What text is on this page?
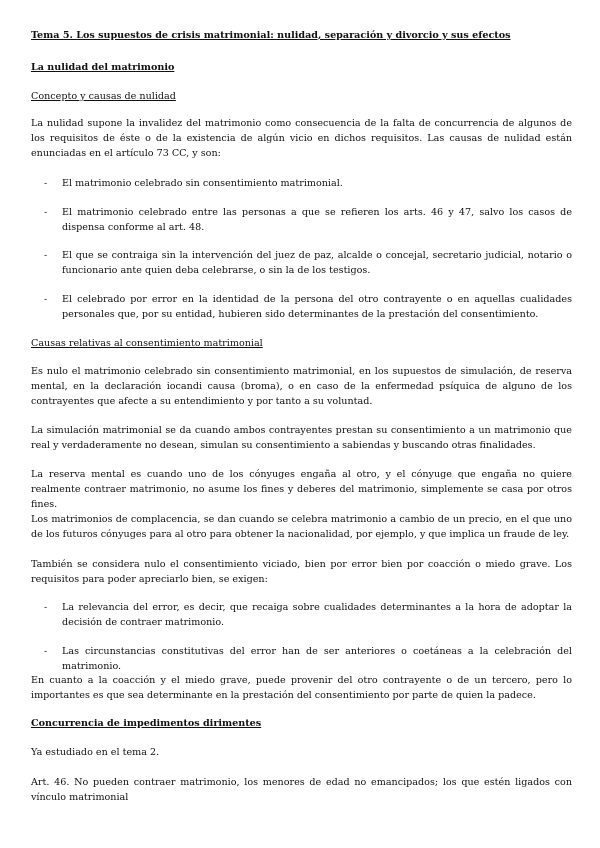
Tema 5. Los supuestos de crisis matrimonial: nulidad, separación y divorcio y sus efectos

La nulidad del matrimonio

Concepto y causas de nulidad

La nulidad supone la invalidez del matrimonio como consecuencia de la falta de concurrencia de algunos de los requisitos de éste o de la existencia de algún vicio en dichos requisitos. Las causas de nulidad están enunciadas en el artículo 73 CC, y son:

- El matrimonio celebrado sin consentimiento matrimonial.

- El matrimonio celebrado entre las personas a que se refieren los arts. 46 y 47, salvo los casos de dispensa conforme al art. 48.

- El que se contraiga sin la intervención del juez de paz, alcalde o concejal, secretario judicial, notario o funcionario ante quien deba celebrarse, o sin la de los testigos.

- El celebrado por error en la identidad de la persona del otro contrayente o en aquellas cualidades personales que, por su entidad, hubieren sido determinantes de la prestación del consentimiento.

Causas relativas al consentimiento matrimonial

Es nulo el matrimonio celebrado sin consentimiento matrimonial, en los supuestos de simulación, de reserva mental, en la declaración iocandi causa (broma), o en caso de la enfermedad psíquica de alguno de los contrayentes que afecte a su entendimiento y por tanto a su voluntad.

La simulación matrimonial se da cuando ambos contrayentes prestan su consentimiento a un matrimonio que real y verdaderamente no desean, simulan su consentimiento a sabiendas y buscando otras finalidades.

La reserva mental es cuando uno de los cónyuges engaña al otro, y el cónyuge que engaña no quiere realmente contraer matrimonio, no asume los fines y deberes del matrimonio, simplemente se casa por otros fines.

Los matrimonios de complacencia, se dan cuando se celebra matrimonio a cambio de un precio, en el que uno de los futuros cónyuges para al otro para obtener la nacionalidad, por ejemplo, y que implica un fraude de ley.

También se considera nulo el consentimiento viciado, bien por error bien por coacción o miedo grave. Los requisitos para poder apreciarlo bien, se exigen:

- La relevancia del error, es decir, que recaiga sobre cualidades determinantes a la hora de adoptar la decisión de contraer matrimonio.

- Las circunstancias constitutivas del error han de ser anteriores o coetáneas a la celebración del matrimonio.

En cuanto a la coacción y el miedo grave, puede provenir del otro contrayente o de un tercero, pero lo importantes es que sea determinante en la prestación del consentimiento por parte de quien la padece.

Concurrencia de impedimentos dirimentes

Ya estudiado en el tema 2.

Art. 46. No pueden contraer matrimonio, los menores de edad no emancipados; los que estén ligados con vínculo matrimonial
